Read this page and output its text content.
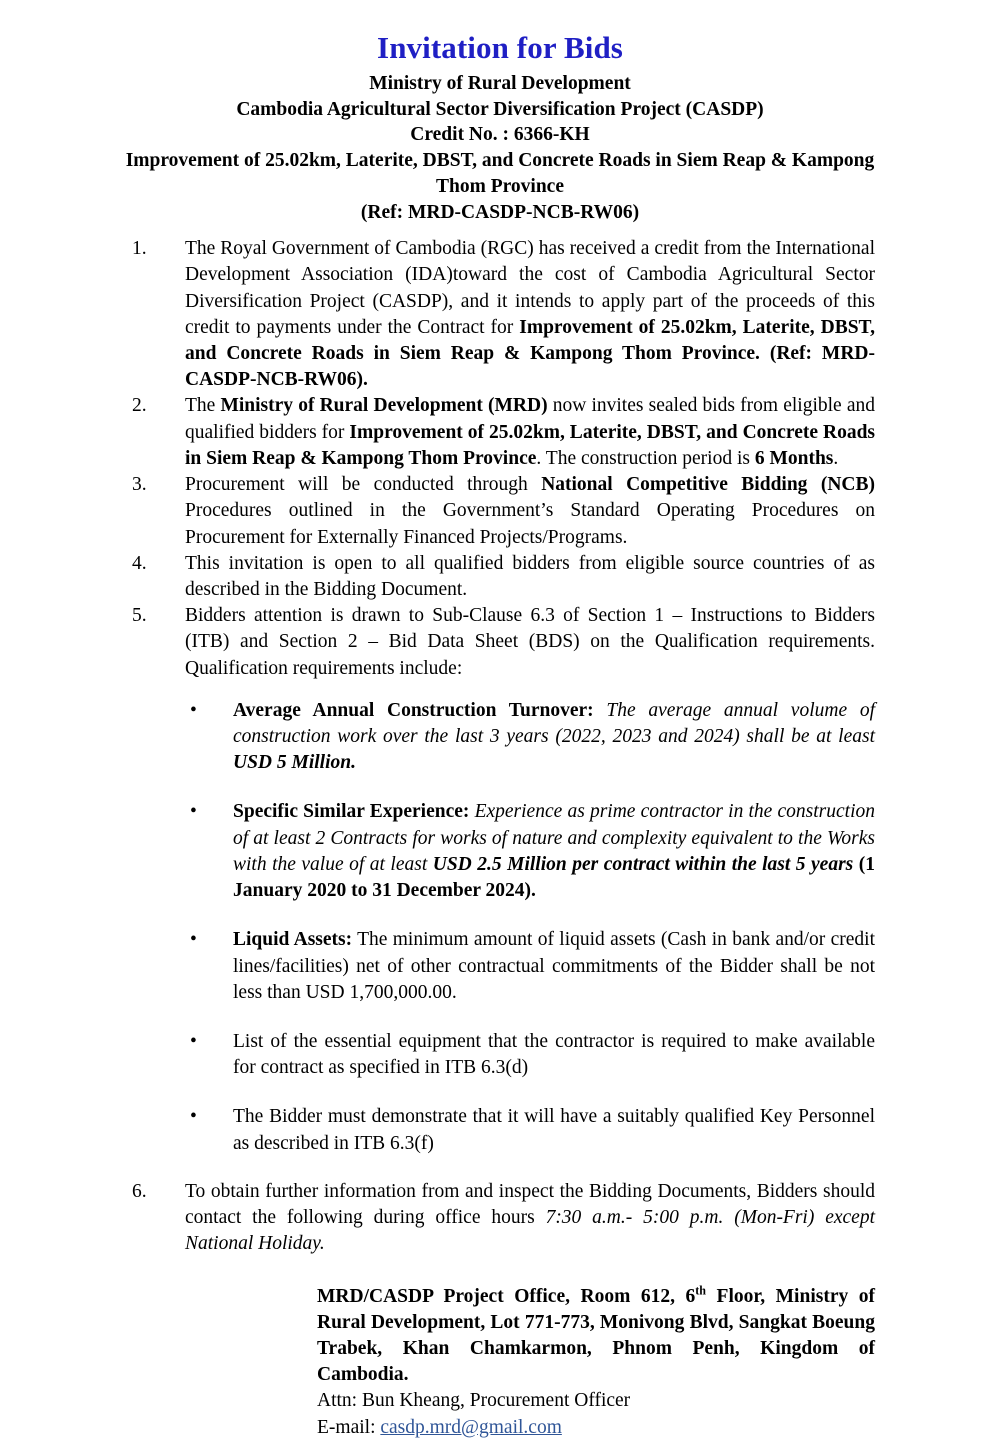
Invitation for Bids
Ministry of Rural Development
Cambodia Agricultural Sector Diversification Project (CASDP)
Credit No. : 6366-KH
Improvement of 25.02km, Laterite, DBST, and Concrete Roads in Siem Reap & Kampong Thom Province
(Ref: MRD-CASDP-NCB-RW06)
1.	The Royal Government of Cambodia (RGC) has received a credit from the International Development Association (IDA)toward the cost of Cambodia Agricultural Sector Diversification Project (CASDP), and it intends to apply part of the proceeds of this credit to payments under the Contract for Improvement of 25.02km, Laterite, DBST, and Concrete Roads in Siem Reap & Kampong Thom Province. (Ref: MRD-CASDP-NCB-RW06).
2.	The Ministry of Rural Development (MRD) now invites sealed bids from eligible and qualified bidders for Improvement of 25.02km, Laterite, DBST, and Concrete Roads in Siem Reap & Kampong Thom Province. The construction period is 6 Months.
3.	Procurement will be conducted through National Competitive Bidding (NCB) Procedures outlined in the Government’s Standard Operating Procedures on Procurement for Externally Financed Projects/Programs.
4.	This invitation is open to all qualified bidders from eligible source countries of as described in the Bidding Document.
5.	Bidders attention is drawn to Sub-Clause 6.3 of Section 1 – Instructions to Bidders (ITB) and Section 2 – Bid Data Sheet (BDS) on the Qualification requirements. Qualification requirements include:
•	Average Annual Construction Turnover: The average annual volume of construction work over the last 3 years (2022, 2023 and 2024) shall be at least USD 5 Million.
•	Specific Similar Experience: Experience as prime contractor in the construction of at least 2 Contracts for works of nature and complexity equivalent to the Works with the value of at least USD 2.5 Million per contract within the last 5 years (1 January 2020 to 31 December 2024).
•	Liquid Assets: The minimum amount of liquid assets (Cash in bank and/or credit lines/facilities) net of other contractual commitments of the Bidder shall be not less than USD 1,700,000.00.
•	List of the essential equipment that the contractor is required to make available for contract as specified in ITB 6.3(d)
•	The Bidder must demonstrate that it will have a suitably qualified Key Personnel as described in ITB 6.3(f)
6.	To obtain further information from and inspect the Bidding Documents, Bidders should contact the following during office hours 7:30 a.m.- 5:00 p.m. (Mon-Fri) except National Holiday.
MRD/CASDP Project Office, Room 612, 6th Floor, Ministry of Rural Development, Lot 771-773, Monivong Blvd, Sangkat Boeung Trabek, Khan Chamkarmon, Phnom Penh, Kingdom of Cambodia.
Attn: Bun Kheang, Procurement Officer
E-mail: casdp.mrd@gmail.com
